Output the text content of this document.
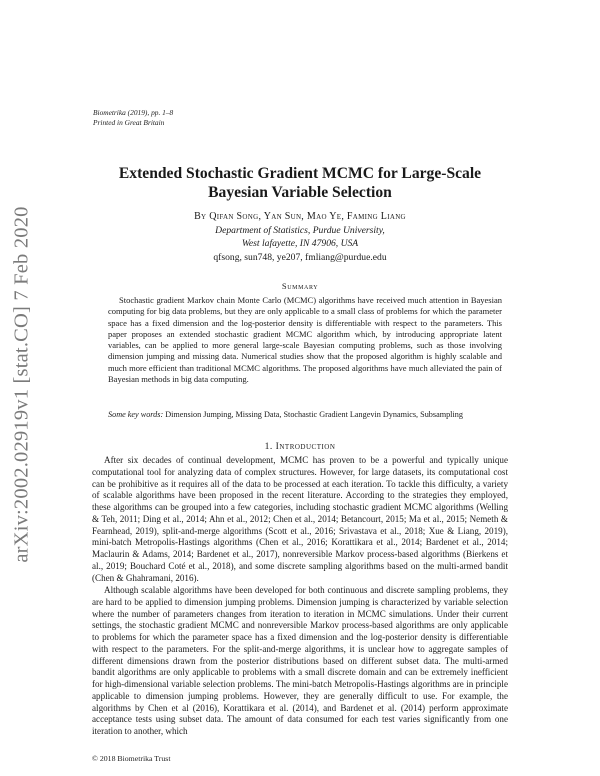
arXiv:2002.02919v1 [stat.CO] 7 Feb 2020
Biometrika (2019), pp. 1–8
Printed in Great Britain
Extended Stochastic Gradient MCMC for Large-Scale
Bayesian Variable Selection
By Qifan Song, Yan Sun, Mao Ye, Faming Liang
Department of Statistics, Purdue University,
West lafayette, IN 47906, USA
qfsong, sun748, ye207, fmliang@purdue.edu
Summary

Stochastic gradient Markov chain Monte Carlo (MCMC) algorithms have received much attention in Bayesian computing for big data problems, but they are only applicable to a small class of problems for which the parameter space has a fixed dimension and the log-posterior density is differentiable with respect to the parameters. This paper proposes an extended stochastic gradient MCMC algorithm which, by introducing appropriate latent variables, can be applied to more general large-scale Bayesian computing problems, such as those involving dimension jumping and missing data. Numerical studies show that the proposed algorithm is highly scalable and much more efficient than traditional MCMC algorithms. The proposed algorithms have much alleviated the pain of Bayesian methods in big data computing.

Some key words: Dimension Jumping, Missing Data, Stochastic Gradient Langevin Dynamics, Subsampling
1. Introduction

After six decades of continual development, MCMC has proven to be a powerful and typically unique computational tool for analyzing data of complex structures. However, for large datasets, its computational cost can be prohibitive as it requires all of the data to be processed at each iteration. To tackle this difficulty, a variety of scalable algorithms have been proposed in the recent literature. According to the strategies they employed, these algorithms can be grouped into a few categories, including stochastic gradient MCMC algorithms (Welling & Teh, 2011; Ding et al., 2014; Ahn et al., 2012; Chen et al., 2014; Betancourt, 2015; Ma et al., 2015; Nemeth & Fearnhead, 2019), split-and-merge algorithms (Scott et al., 2016; Srivastava et al., 2018; Xue & Liang, 2019), mini-batch Metropolis-Hastings algorithms (Chen et al., 2016; Korattikara et al., 2014; Bardenet et al., 2014; Maclaurin & Adams, 2014; Bardenet et al., 2017), nonreversible Markov process-based algorithms (Bierkens et al., 2019; Bouchard Coté et al., 2018), and some discrete sampling algorithms based on the multi-armed bandit (Chen & Ghahramani, 2016).

Although scalable algorithms have been developed for both continuous and discrete sampling problems, they are hard to be applied to dimension jumping problems. Dimension jumping is characterized by variable selection where the number of parameters changes from iteration to iteration in MCMC simulations. Under their current settings, the stochastic gradient MCMC and nonreversible Markov process-based algorithms are only applicable to problems for which the parameter space has a fixed dimension and the log-posterior density is differentiable with respect to the parameters. For the split-and-merge algorithms, it is unclear how to aggregate samples of different dimensions drawn from the posterior distributions based on different subset data. The multi-armed bandit algorithms are only applicable to problems with a small discrete domain and can be extremely inefficient for high-dimensional variable selection problems. The mini-batch Metropolis-Hastings algorithms are in principle applicable to dimension jumping problems. However, they are generally difficult to use. For example, the algorithms by Chen et al (2016), Korattikara et al. (2014), and Bardenet et al. (2014) perform approximate acceptance tests using subset data. The amount of data consumed for each test varies significantly from one iteration to another, which

© 2018 Biometrika Trust
